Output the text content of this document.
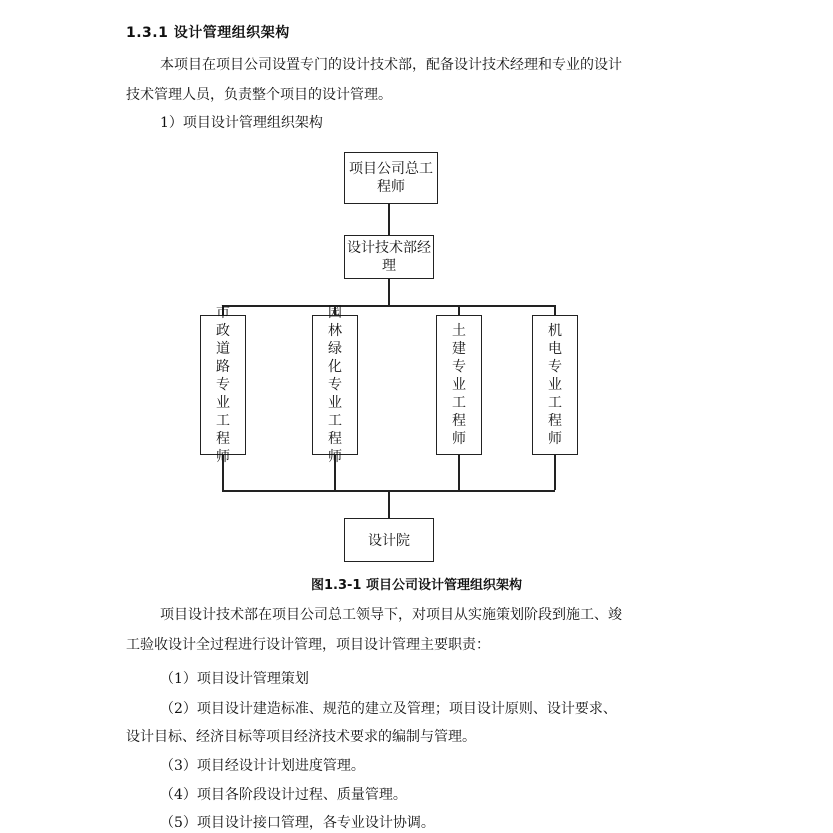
1.3.1 设计管理组织架构
本项目在项目公司设置专门的设计技术部，配备设计技术经理和专业的设计
技术管理人员，负责整个项目的设计管理。
1）项目设计管理组织架构
项目公司总工程师
设计技术部经理
市政道路专业工程师
园林绿化专业工程师
土建专业工程师
机电专业工程师
设计院
图1.3-1 项目公司设计管理组织架构
项目设计技术部在项目公司总工领导下，对项目从实施策划阶段到施工、竣
工验收设计全过程进行设计管理，项目设计管理主要职责：
（1）项目设计管理策划
（2）项目设计建造标准、规范的建立及管理；项目设计原则、设计要求、
设计目标、经济目标等项目经济技术要求的编制与管理。
（3）项目经设计计划进度管理。
（4）项目各阶段设计过程、质量管理。
（5）项目设计接口管理，各专业设计协调。
